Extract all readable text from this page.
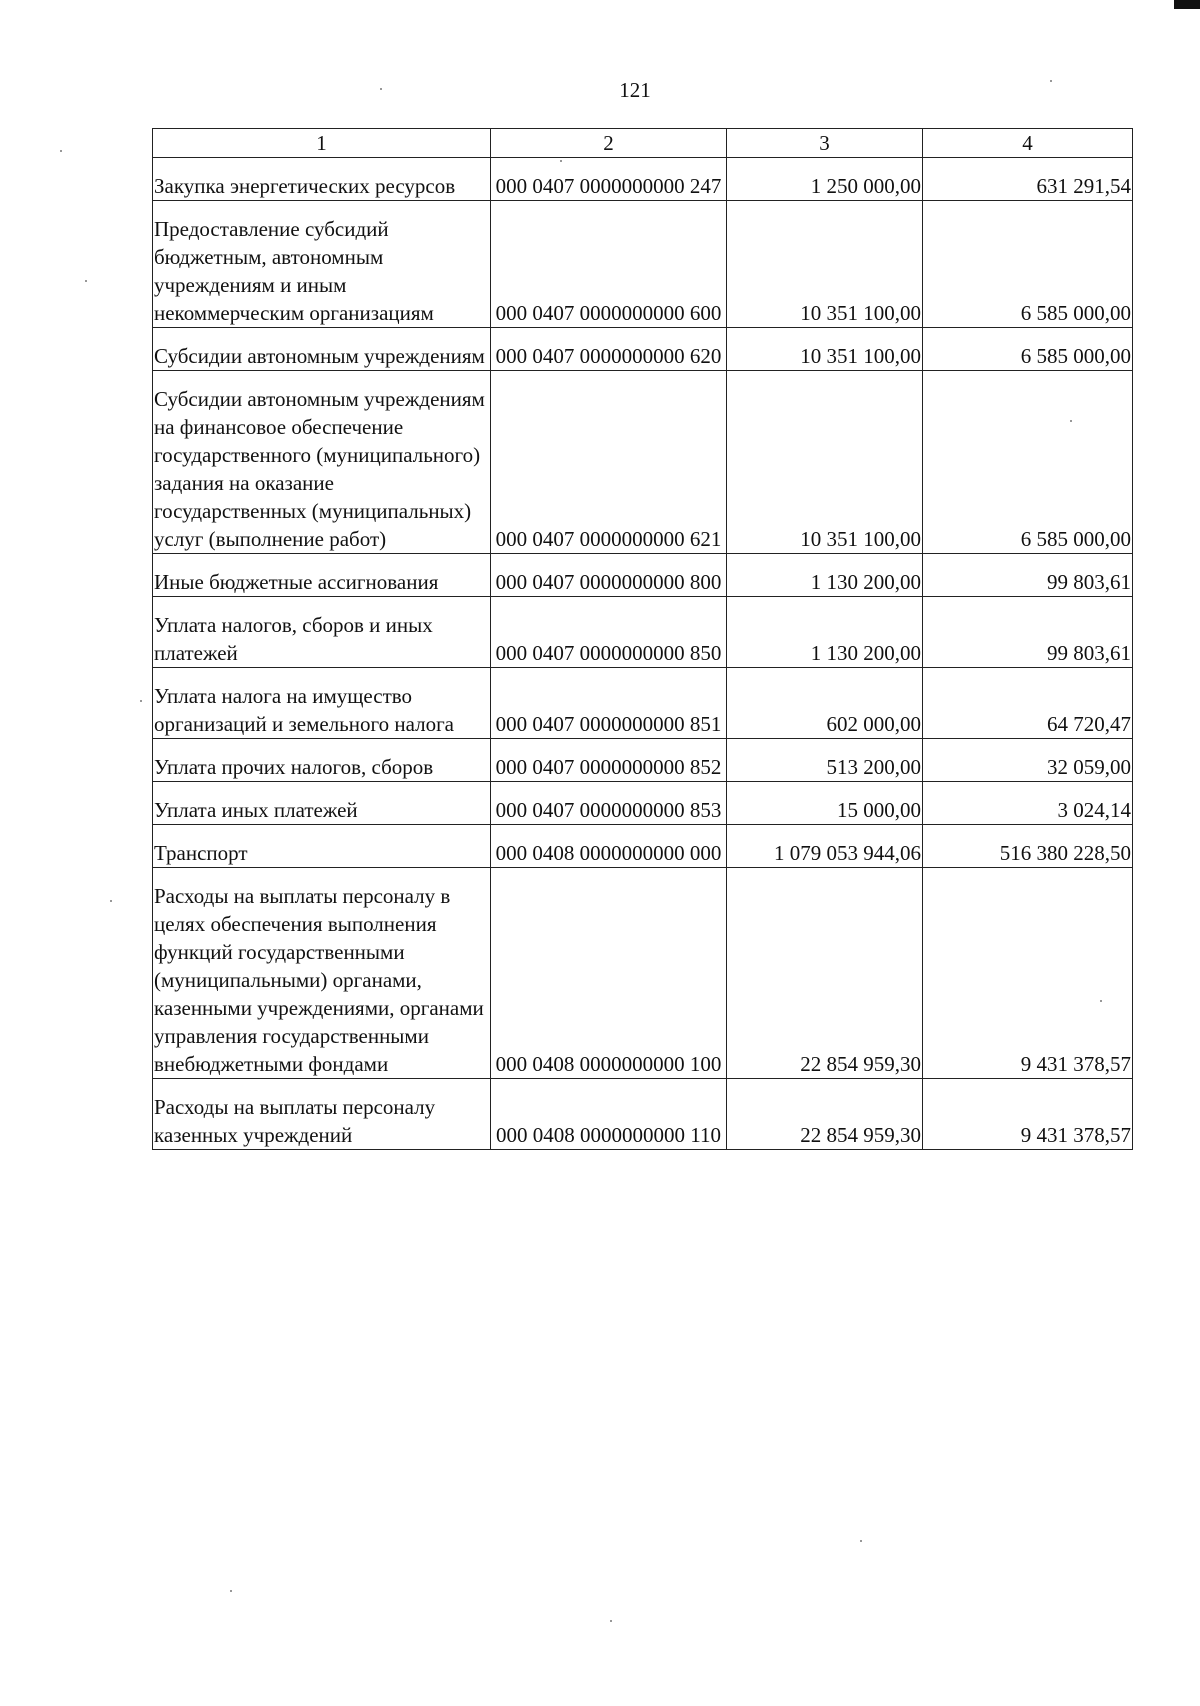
121
1	2	3	4

Закупка энергетических ресурсов	000 0407 0000000000 247	1 250 000,00	631 291,54

Предоставление субсидий бюджетным, автономным учреждениям и иным некоммерческим организациям	000 0407 0000000000 600	10 351 100,00	6 585 000,00

Субсидии автономным учреждениям	000 0407 0000000000 620	10 351 100,00	6 585 000,00

Субсидии автономным учреждениям на финансовое обеспечение государственного (муниципального) задания на оказание государственных (муниципальных) услуг (выполнение работ)	000 0407 0000000000 621	10 351 100,00	6 585 000,00

Иные бюджетные ассигнования	000 0407 0000000000 800	1 130 200,00	99 803,61

Уплата налогов, сборов и иных платежей	000 0407 0000000000 850	1 130 200,00	99 803,61

Уплата налога на имущество организаций и земельного налога	000 0407 0000000000 851	602 000,00	64 720,47

Уплата прочих налогов, сборов	000 0407 0000000000 852	513 200,00	32 059,00

Уплата иных платежей	000 0407 0000000000 853	15 000,00	3 024,14

Транспорт	000 0408 0000000000 000	1 079 053 944,06	516 380 228,50

Расходы на выплаты персоналу в целях обеспечения выполнения функций государственными (муниципальными) органами, казенными учреждениями, органами управления государственными внебюджетными фондами	000 0408 0000000000 100	22 854 959,30	9 431 378,57

Расходы на выплаты персоналу казенных учреждений	000 0408 0000000000 110	22 854 959,30	9 431 378,57
